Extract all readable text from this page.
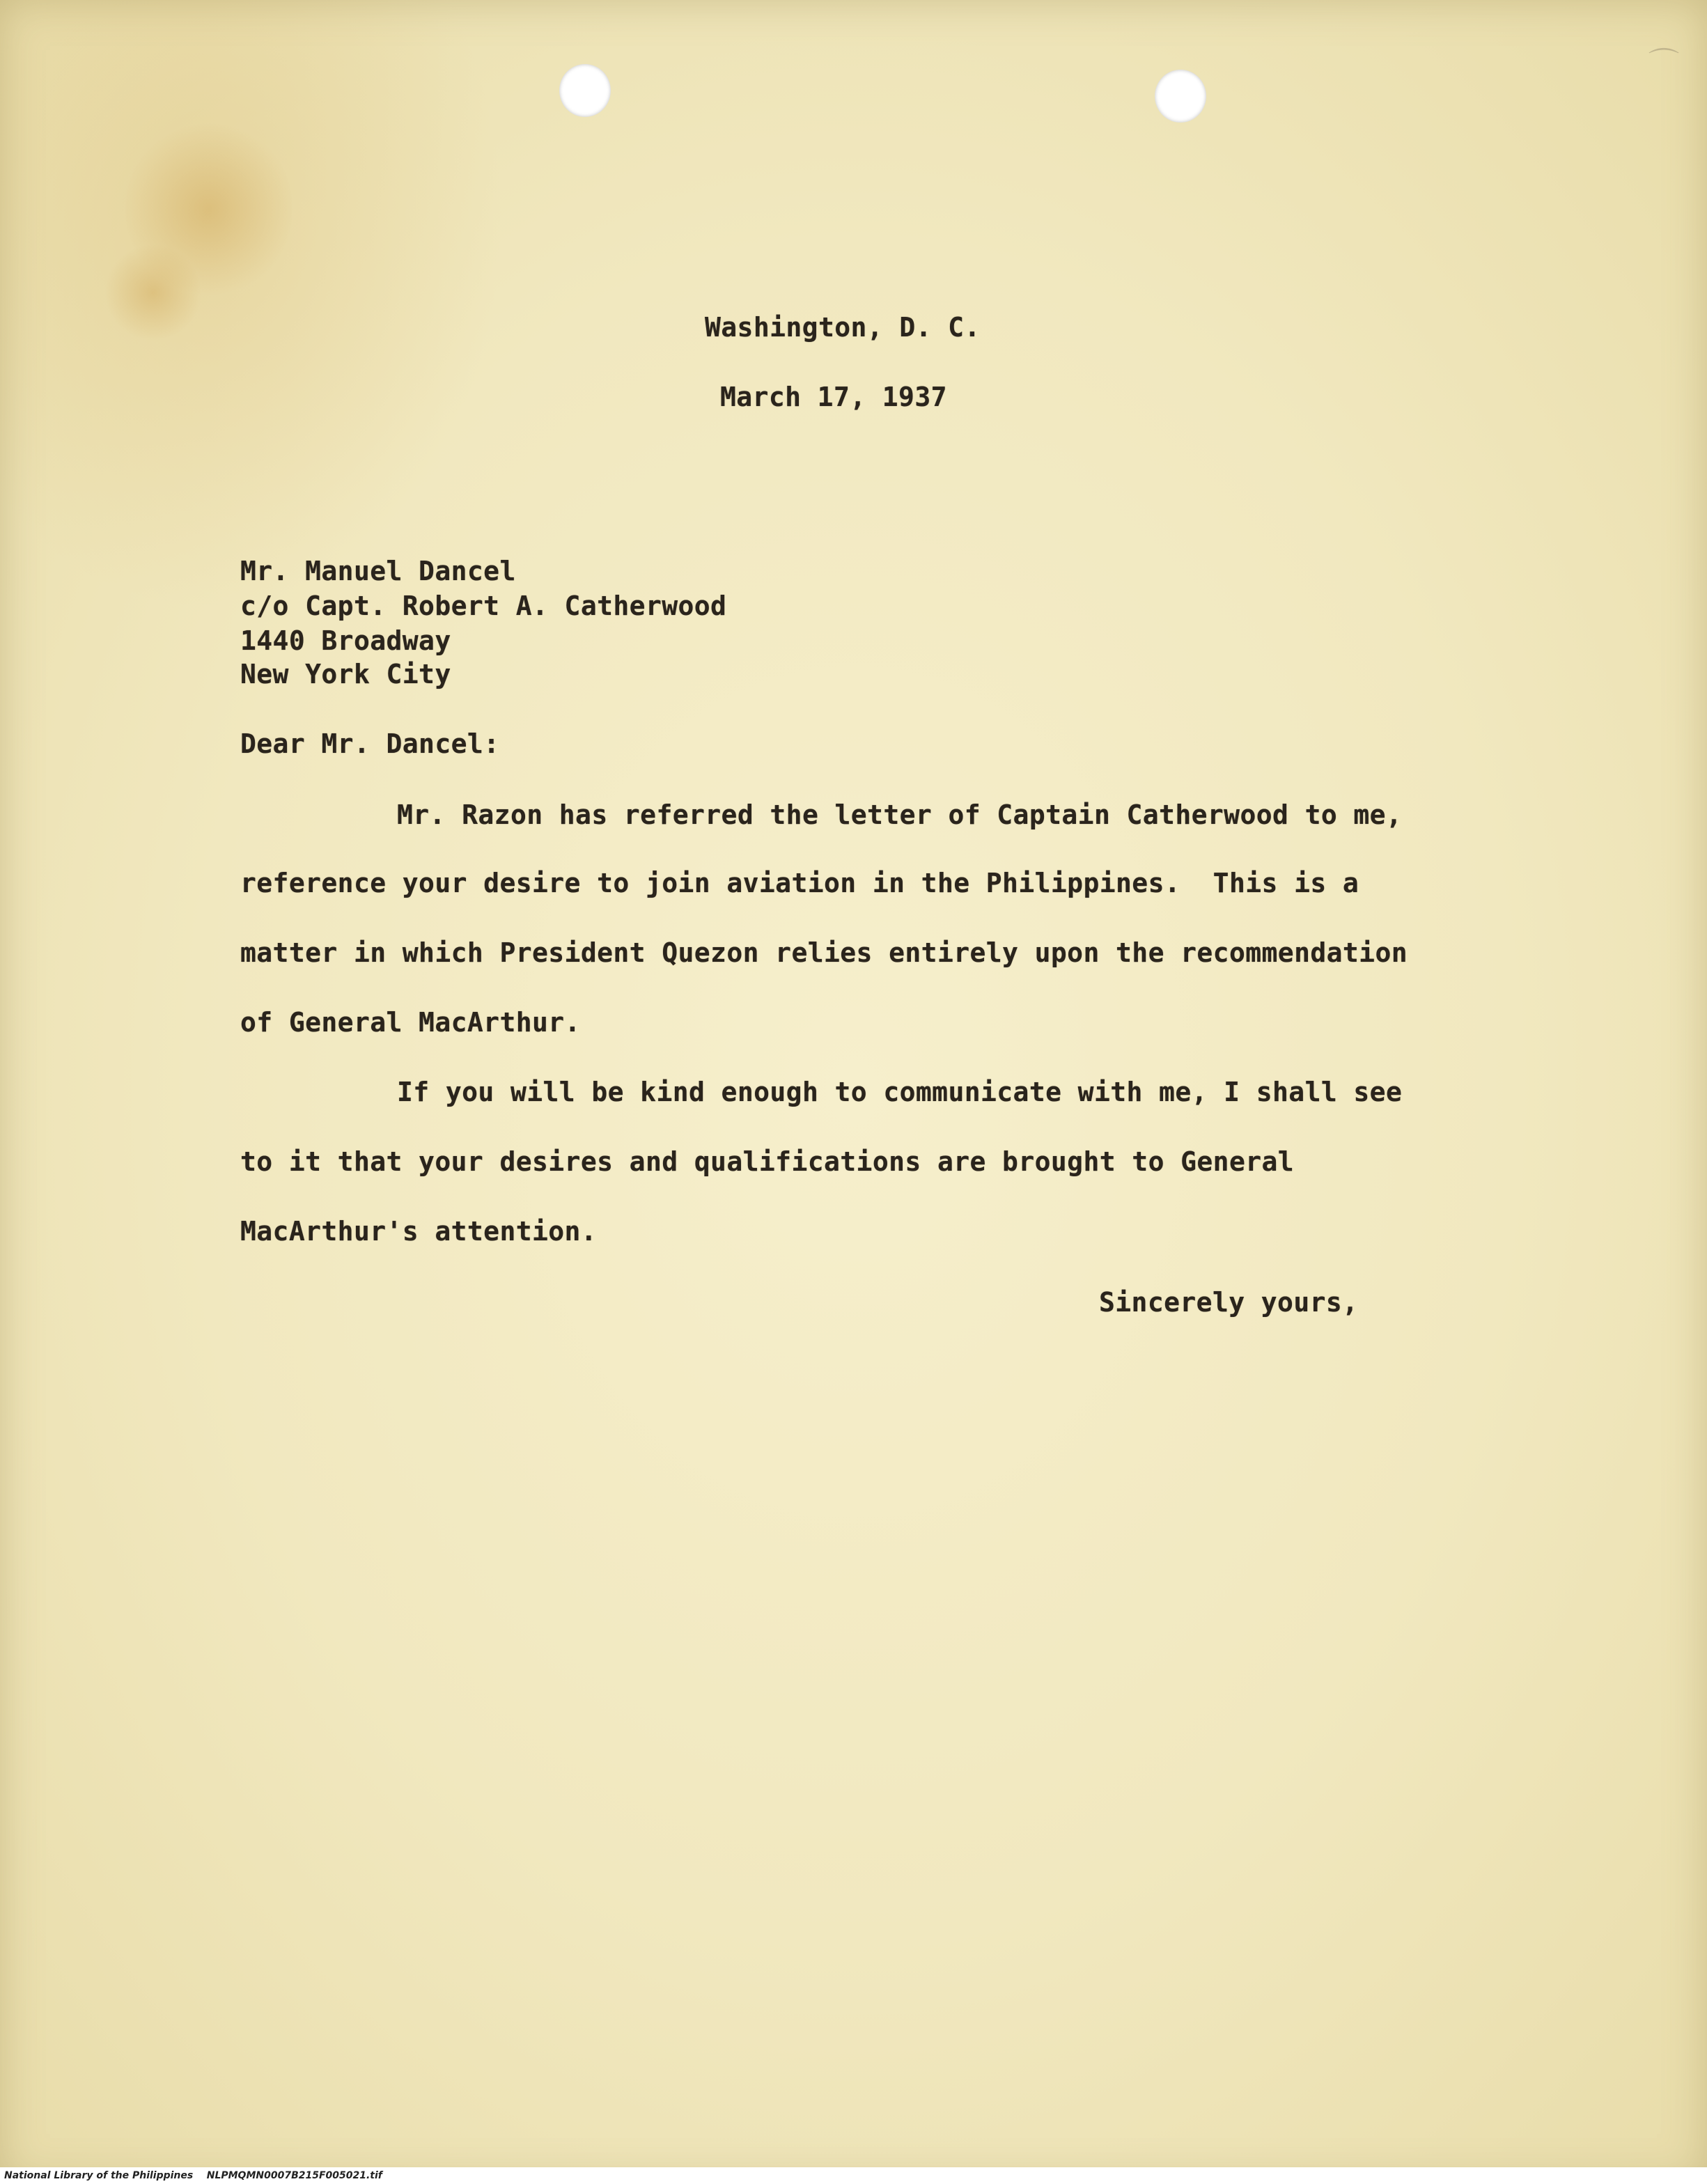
⌒
Washington, D. C.
March 17, 1937
Mr. Manuel Dancel
c/o Capt. Robert A. Catherwood
1440 Broadway
New York City
Dear Mr. Dancel:
Mr. Razon has referred the letter of Captain Catherwood to me,
reference your desire to join aviation in the Philippines.  This is a
matter in which President Quezon relies entirely upon the recommendation
of General MacArthur.
If you will be kind enough to communicate with me, I shall see
to it that your desires and qualifications are brought to General
MacArthur's attention.
Sincerely yours,
National Library of the Philippines    NLPMQMN0007B215F005021.tif
